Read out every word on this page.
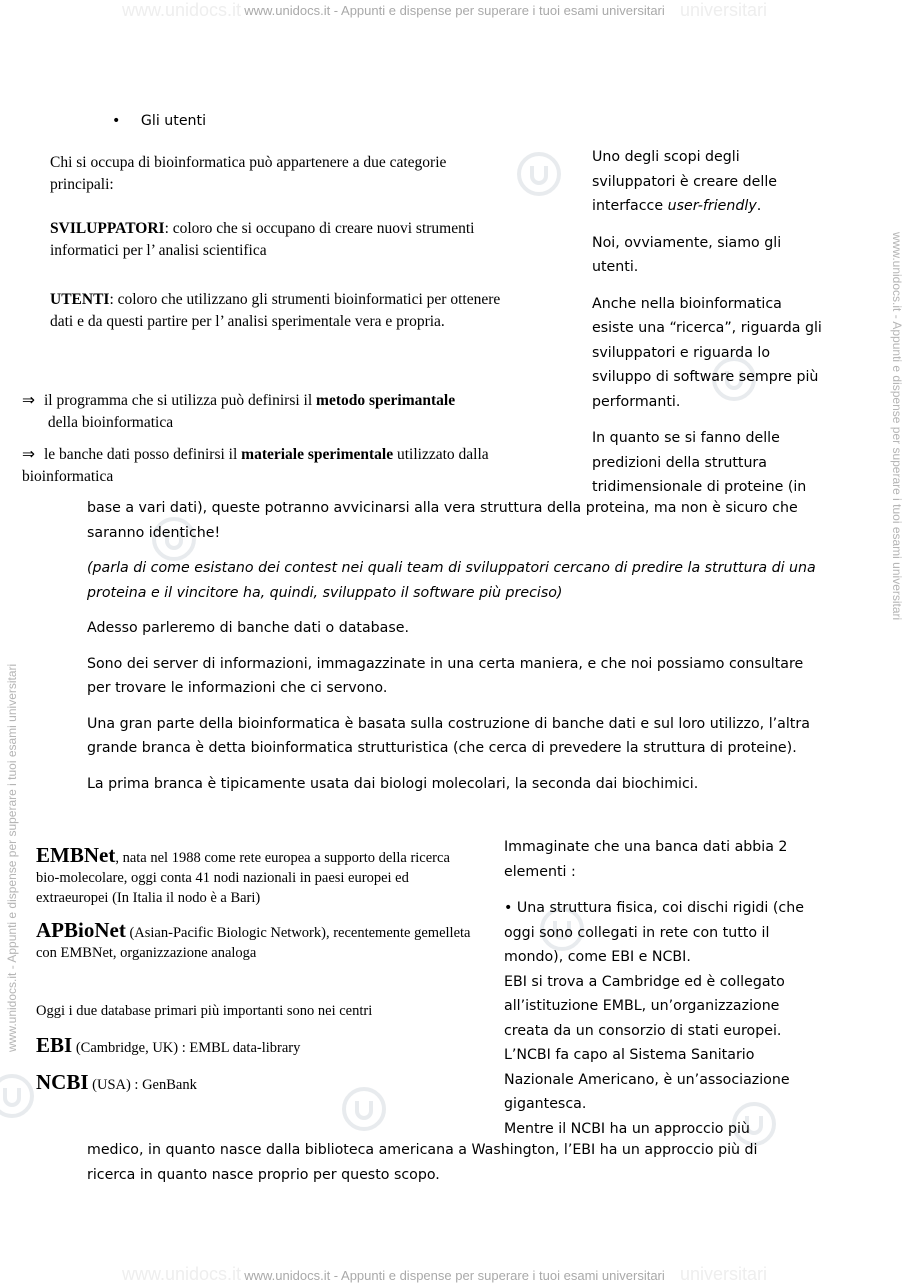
www.unidocs.it	universitari
www.unidocs.it - Appunti e dispense per superare i tuoi esami universitari
www.unidocs.it	universitari
www.unidocs.it - Appunti e dispense per superare i tuoi esami universitari
www.unidocs.it - Appunti e dispense per superare i tuoi esami universitari
www.unidocs.it - Appunti e dispense per superare i tuoi esami universitari
• Gli utenti

Chi si occupa di bioinformatica può appartenere a due categorie principali:

SVILUPPATORI: coloro che si occupano di creare nuovi strumenti informatici per l’ analisi scientifica

UTENTI: coloro che utilizzano gli strumenti bioinformatici per ottenere dati e da questi partire per l’ analisi sperimentale vera e propria.

⇒ il programma che si utilizza può definirsi il metodo sperimantale
della bioinformatica
⇒ le banche dati posso definirsi il materiale sperimentale utilizzato dalla bioinformatica

Uno degli scopi degli sviluppatori è creare delle interfacce user-friendly.

Noi, ovviamente, siamo gli utenti.

Anche nella bioinformatica esiste una “ricerca”, riguarda gli sviluppatori e riguarda lo sviluppo di software sempre più performanti.

In quanto se si fanno delle predizioni della struttura tridimensionale di proteine (in

base a vari dati), queste potranno avvicinarsi alla vera struttura della proteina, ma non è sicuro che saranno identiche!

(parla di come esistano dei contest nei quali team di sviluppatori cercano di predire la struttura di una proteina e il vincitore ha, quindi, sviluppato il software più preciso)

Adesso parleremo di banche dati o database.

Sono dei server di informazioni, immagazzinate in una certa maniera, e che noi possiamo consultare per trovare le informazioni che ci servono.

Una gran parte della bioinformatica è basata sulla costruzione di banche dati e sul loro utilizzo, l’altra grande branca è detta bioinformatica strutturistica (che cerca di prevedere la struttura di proteine).

La prima branca è tipicamente usata dai biologi molecolari, la seconda dai biochimici.

EMBNet, nata nel 1988 come rete europea a supporto della ricerca bio-molecolare, oggi conta 41 nodi nazionali in paesi europei ed extraeuropei (In Italia il nodo è a Bari)

APBioNet (Asian-Pacific Biologic Network), recentemente gemelleta con EMBNet, organizzazione analoga

Oggi i due database primari più importanti sono nei centri

EBI (Cambridge, UK) : EMBL data-library

NCBI (USA) : GenBank

Immaginate che una banca dati abbia 2 elementi :

• Una struttura fisica, coi dischi rigidi (che

oggi sono collegati in rete con tutto il mondo), come EBI e NCBI.

EBI si trova a Cambridge ed è collegato all’istituzione EMBL, un’organizzazione creata da un consorzio di stati europei.

L’NCBI fa capo al Sistema Sanitario Nazionale Americano, è un’associazione gigantesca.

Mentre il NCBI ha un approccio più

medico, in quanto nasce dalla biblioteca americana a Washington, l’EBI ha un approccio più di ricerca in quanto nasce proprio per questo scopo.
